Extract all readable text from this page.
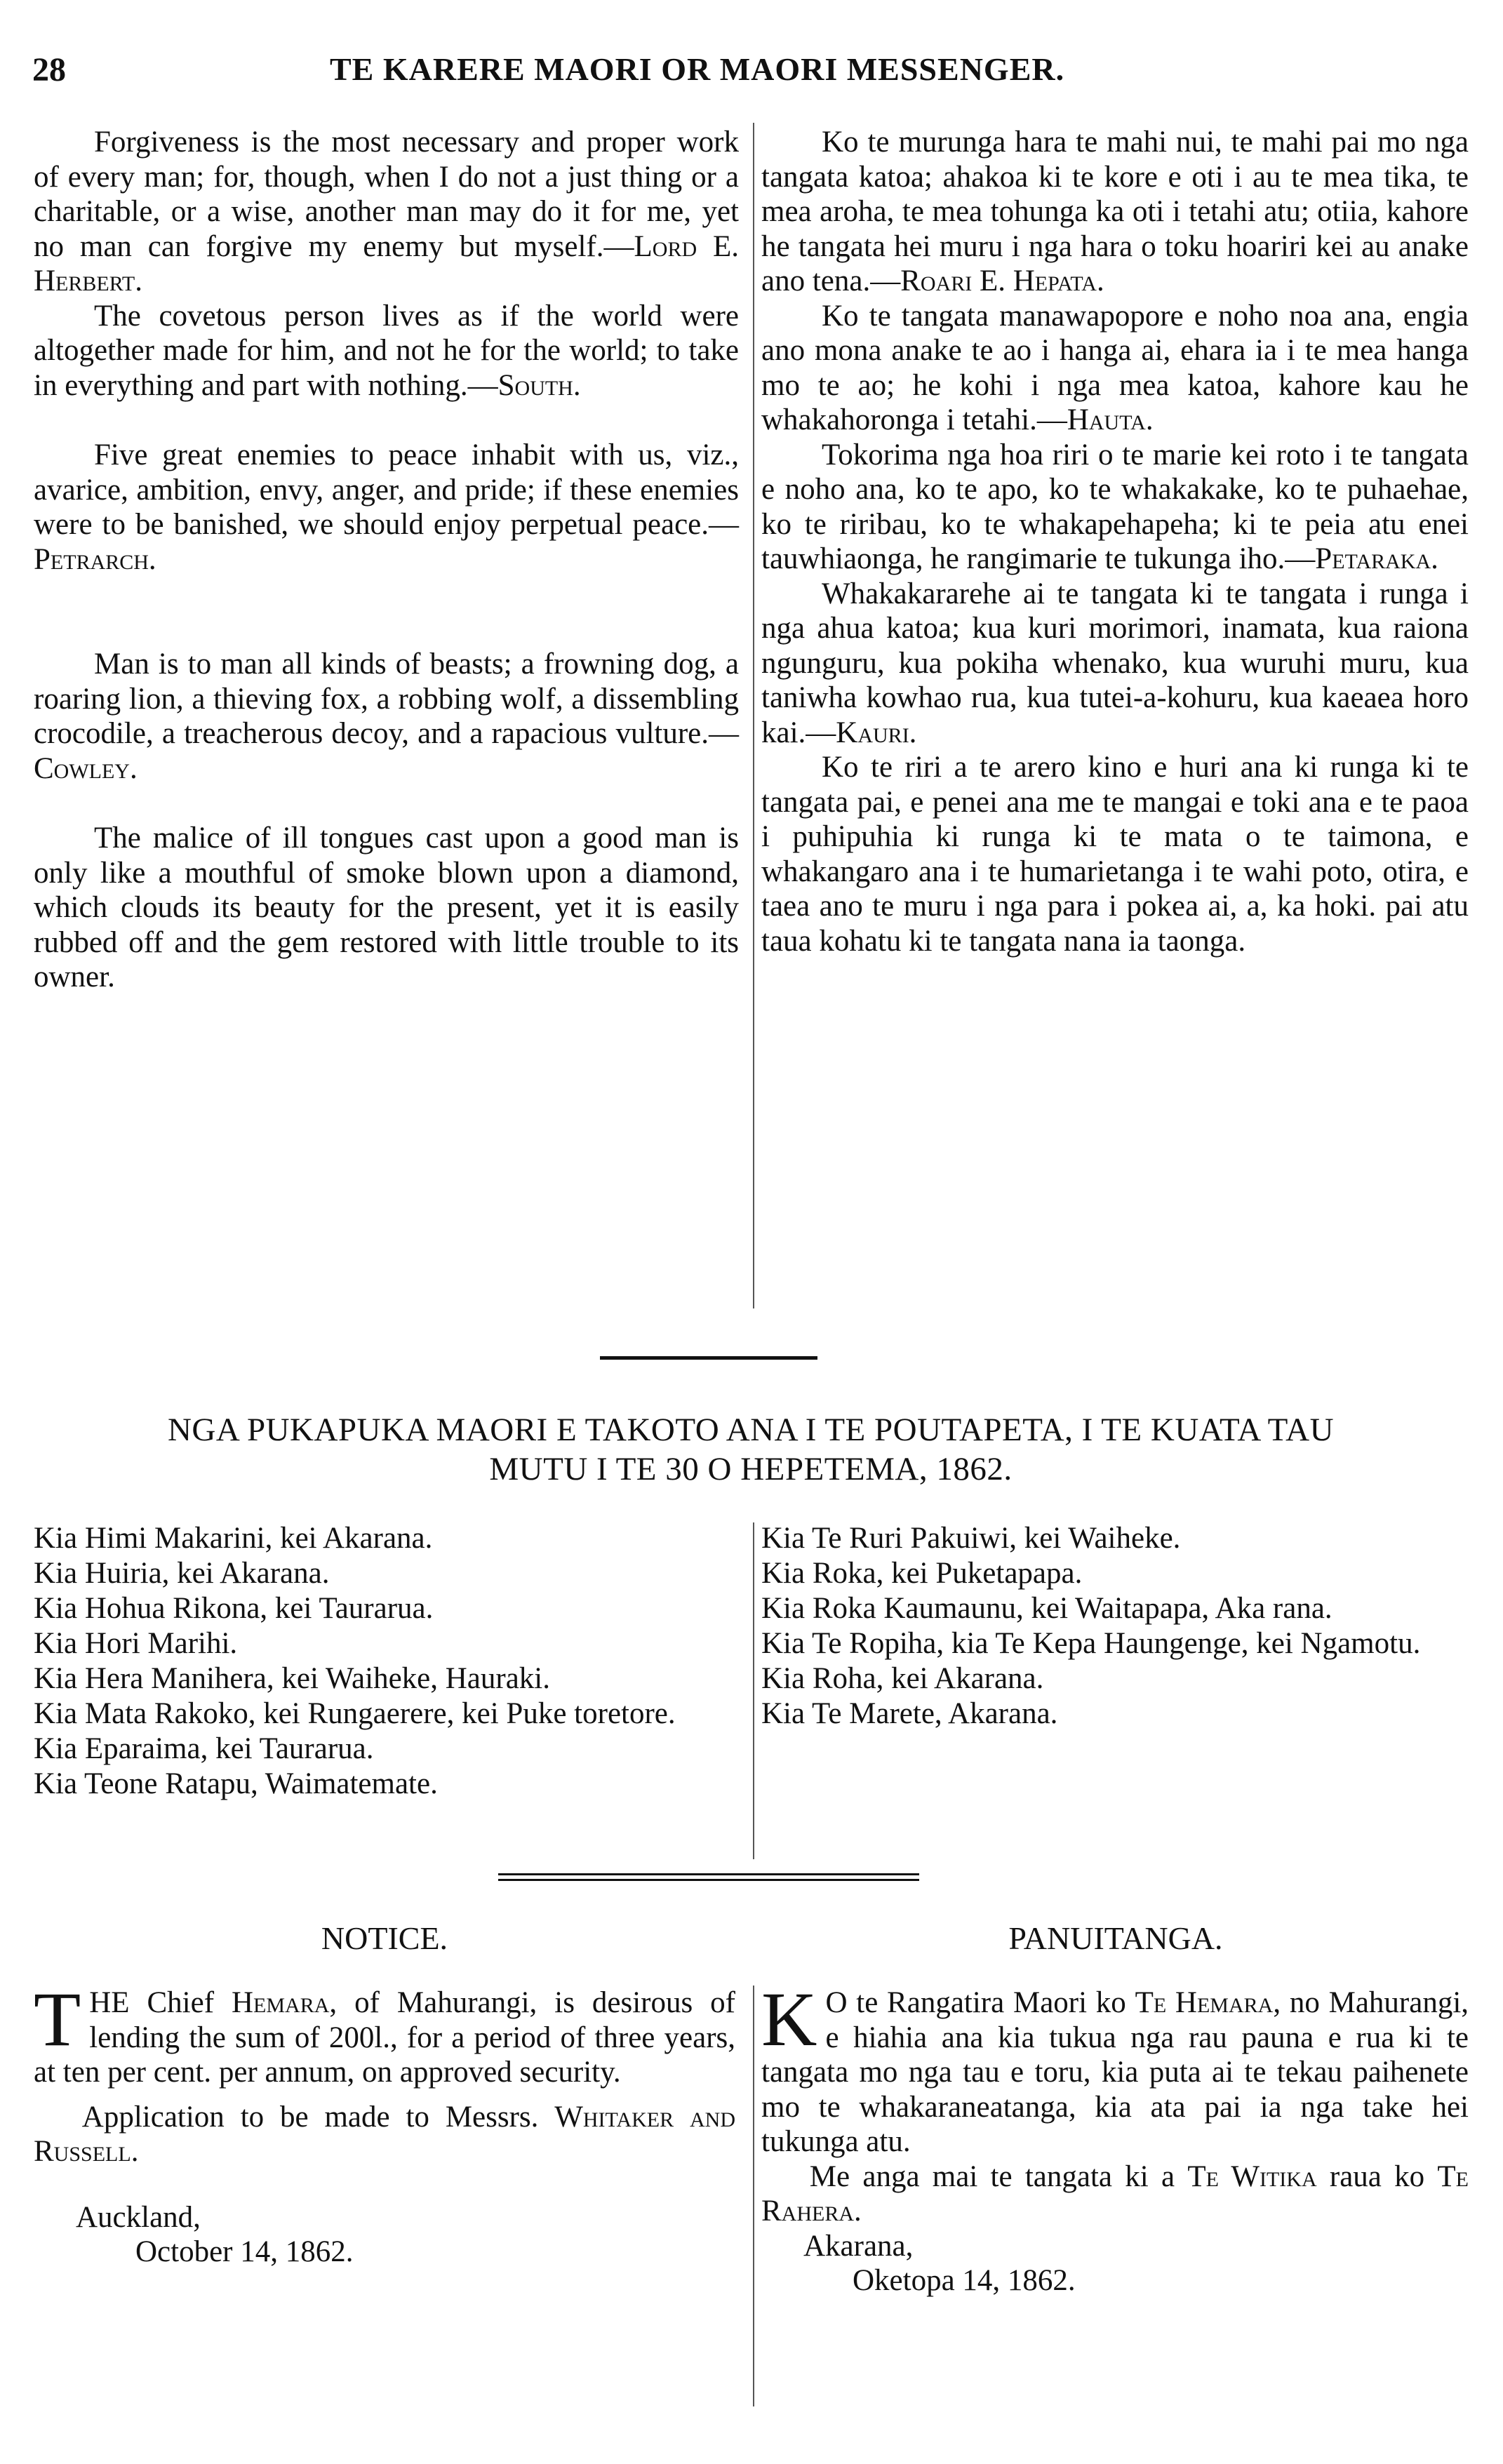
28	TE KARERE MAORI OR MAORI MESSENGER.

Forgiveness is the most necessary and proper work of every man; for, though, when I do not a just thing or a charitable, or a wise, another man may do it for me, yet no man can forgive my enemy but myself.—Lord E. Herbert.

The covetous person lives as if the world were altogether made for him, and not he for the world; to take in everything and part with nothing.—South.

Five great enemies to peace inhabit with us, viz., avarice, ambition, envy, anger, and pride; if these enemies were to be banished, we should enjoy perpetual peace.—Petrarch.

Man is to man all kinds of beasts; a frowning dog, a roaring lion, a thieving fox, a robbing wolf, a dissembling crocodile, a treacherous decoy, and a rapacious vulture.—Cowley.

The malice of ill tongues cast upon a good man is only like a mouthful of smoke blown upon a diamond, which clouds its beauty for the present, yet it is easily rubbed off and the gem restored with little trouble to its owner.

Ko te murunga hara te mahi nui, te mahi pai mo nga tangata katoa; ahakoa ki te kore e oti i au te mea tika, te mea aroha, te mea tohunga ka oti i tetahi atu; otiia, kahore he tangata hei muru i nga hara o toku hoariri kei au anake ano tena.—Roari E. Hepata.

Ko te tangata manawapopore e noho noa ana, engia ano mona anake te ao i hanga ai, ehara ia i te mea hanga mo te ao; he kohi i nga mea katoa, kahore kau he whakahoronga i tetahi.—Hauta.

Tokorima nga hoa riri o te marie kei roto i te tangata e noho ana, ko te apo, ko te whakakake, ko te puhaehae, ko te riribau, ko te whakapehapeha; ki te peia atu enei tauwhiaonga, he rangimarie te tukunga iho.—Petaraka.

Whakakararehe ai te tangata ki te tangata i runga i nga ahua katoa; kua kuri morimori, inamata, kua raiona ngunguru, kua pokiha whenako, kua wuruhi muru, kua taniwha kowhao rua, kua tutei-a-kohuru, kua kaeaea horo kai.—Kauri.

Ko te riri a te arero kino e huri ana ki runga ki te tangata pai, e penei ana me te mangai e toki ana e te paoa i puhipuhia ki runga ki te mata o te taimona, e whakangaro ana i te humarietanga i te wahi poto, otira, e taea ano te muru i nga para i pokea ai, a, ka hoki. pai atu taua kohatu ki te tangata nana ia taonga.

NGA PUKAPUKA MAORI E TAKOTO ANA I TE POUTAPETA, I TE KUATA TAU
MUTU I TE 30 O HEPETEMA, 1862.

Kia Himi Makarini, kei Akarana.

Kia Huiria, kei Akarana.

Kia Hohua Rikona, kei Taurarua.

Kia Hori Marihi.

Kia Hera Manihera, kei Waiheke, Hauraki.

Kia Mata Rakoko, kei Rungaerere, kei Puke toretore.

Kia Eparaima, kei Taurarua.

Kia Teone Ratapu, Waimatemate.

Kia Te Ruri Pakuiwi, kei Waiheke.

Kia Roka, kei Puketapapa.

Kia Roka Kaumaunu, kei Waitapapa, Aka rana.

Kia Te Ropiha, kia Te Kepa Haungenge, kei Ngamotu.

Kia Roha, kei Akarana.

Kia Te Marete, Akarana.

NOTICE.	PANUITANGA.

THE Chief Hemara, of Mahurangi, is desirous of lending the sum of 200l., for a period of three years, at ten per cent. per annum, on approved security.

Application to be made to Messrs. Whitaker and Russell.

Auckland,

October 14, 1862.

K O te Rangatira Maori ko Te Hemara, no Mahurangi, e hiahia ana kia tukua nga rau pauna e rua ki te tangata mo nga tau e toru, kia puta ai te tekau paihenete mo te whakaraneatanga, kia ata pai ia nga take hei tukunga atu.

Me anga mai te tangata ki a Te Witika raua ko Te Rahera.

Akarana,

Oketopa 14, 1862.
